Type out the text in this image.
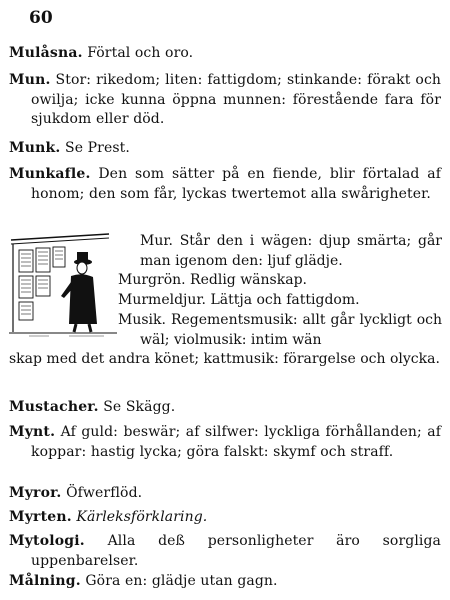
60
Mulåsna. Förtal och oro.
Mun. Stor: rikedom; liten: fattigdom; stinkande: förakt och owilja; icke kunna öppna munnen: förestående fara för sjukdom eller död.
Munk. Se Prest.
Munkafle. Den som sätter på en fiende, blir förtalad af honom; den som får, lyckas twertemot alla swårigheter.
Mur. Står den i wägen: djup smärta; går man igenom den: ljuf glädje.
Murgrön. Redlig wänskap.
Murmeldjur. Lättja och fattigdom.
Musik. Regementsmusik: allt går lyckligt och wäl; violmusik: intim wän
skap med det andra könet; kattmusik: förargelse och olycka.
Mustacher. Se Skägg.
Mynt. Af guld: beswär; af silfwer: lyckliga förhållanden; af koppar: hastig lycka; göra falskt: skymf och straff.
Myror. Öfwerflöd.
Myrten. Kärleksförklaring.
Mytologi. Alla deß personligheter äro sorgliga uppenbarelser.
Målning. Göra en: glädje utan gagn.
